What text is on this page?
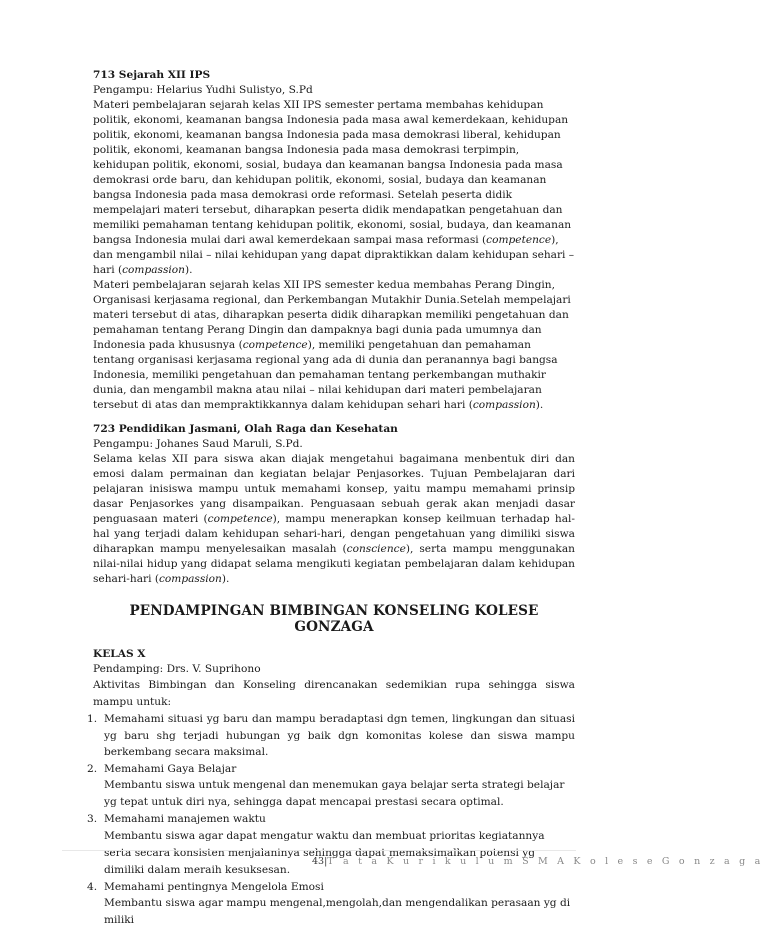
713 Sejarah XII IPS
Pengampu: Helarius Yudhi Sulistyo, S.Pd

Materi pembelajaran sejarah kelas XII IPS semester pertama membahas kehidupan politik, ekonomi, keamanan bangsa Indonesia pada masa awal kemerdekaan, kehidupan politik, ekonomi, keamanan bangsa Indonesia pada masa demokrasi liberal, kehidupan politik, ekonomi, keamanan bangsa Indonesia pada masa demokrasi terpimpin, kehidupan politik, ekonomi, sosial, budaya dan keamanan bangsa Indonesia pada masa demokrasi orde baru, dan kehidupan politik, ekonomi, sosial, budaya dan keamanan bangsa Indonesia pada masa demokrasi orde reformasi. Setelah peserta didik mempelajari materi tersebut, diharapkan peserta didik mendapatkan pengetahuan dan memiliki pemahaman tentang kehidupan politik, ekonomi, sosial, budaya, dan keamanan bangsa Indonesia mulai dari awal kemerdekaan sampai masa reformasi (competence), dan mengambil nilai – nilai kehidupan yang dapat dipraktikkan dalam kehidupan sehari – hari (compassion).

Materi pembelajaran sejarah kelas XII IPS semester kedua membahas Perang Dingin, Organisasi kerjasama regional, dan Perkembangan Mutakhir Dunia.Setelah mempelajari materi tersebut di atas, diharapkan peserta didik diharapkan memiliki pengetahuan dan pemahaman tentang Perang Dingin dan dampaknya bagi dunia pada umumnya dan Indonesia pada khususnya (competence), memiliki pengetahuan dan pemahaman tentang organisasi kerjasama regional yang ada di dunia dan peranannya bagi bangsa Indonesia, memiliki pengetahuan dan pemahaman tentang perkembangan muthakir dunia, dan mengambil makna atau nilai – nilai kehidupan dari materi pembelajaran tersebut di atas dan mempraktikkannya dalam kehidupan sehari hari (compassion).

723 Pendidikan Jasmani, Olah Raga dan Kesehatan
Pengampu: Johanes Saud Maruli, S.Pd.

Selama kelas XII para siswa akan diajak mengetahui bagaimana menbentuk diri dan emosi dalam permainan dan kegiatan belajar Penjasorkes. Tujuan Pembelajaran dari pelajaran inisiswa mampu untuk memahami konsep, yaitu mampu memahami prinsip dasar Penjasorkes yang disampaikan. Penguasaan sebuah gerak akan menjadi dasar penguasaan materi (competence), mampu menerapkan konsep keilmuan terhadap hal-hal yang terjadi dalam kehidupan sehari-hari, dengan pengetahuan yang dimiliki siswa diharapkan mampu menyelesaikan masalah (conscience), serta mampu menggunakan nilai-nilai hidup yang didapat selama mengikuti kegiatan pembelajaran dalam kehidupan sehari-hari (compassion).

PENDAMPINGAN BIMBINGAN KONSELING KOLESE GONZAGA
KELAS X
Pendamping: Drs. V. Suprihono

Aktivitas Bimbingan dan Konseling direncanakan sedemikian rupa sehingga siswa mampu untuk:

1. Memahami situasi yg baru dan mampu beradaptasi dgn temen, lingkungan dan situasi yg baru shg terjadi hubungan yg baik dgn komonitas kolese dan siswa mampu berkembang secara maksimal.
2. Memahami Gaya Belajar
Membantu siswa untuk mengenal dan menemukan gaya belajar serta strategi belajar yg tepat untuk diri nya, sehingga dapat mencapai prestasi secara optimal.
3. Memahami manajemen waktu
Membantu siswa agar dapat mengatur waktu dan membuat prioritas kegiatannya serta secara konsisten menjalaninya sehingga dapat memaksimalkan potensi yg dimiliki dalam meraih kesuksesan.
4. Memahami pentingnya Mengelola Emosi
Membantu siswa agar mampu mengenal,mengolah,dan mengendalikan perasaan yg di miliki
43|T a t a K u r i k u l u m S M A K o l e s e G o n z a g a
